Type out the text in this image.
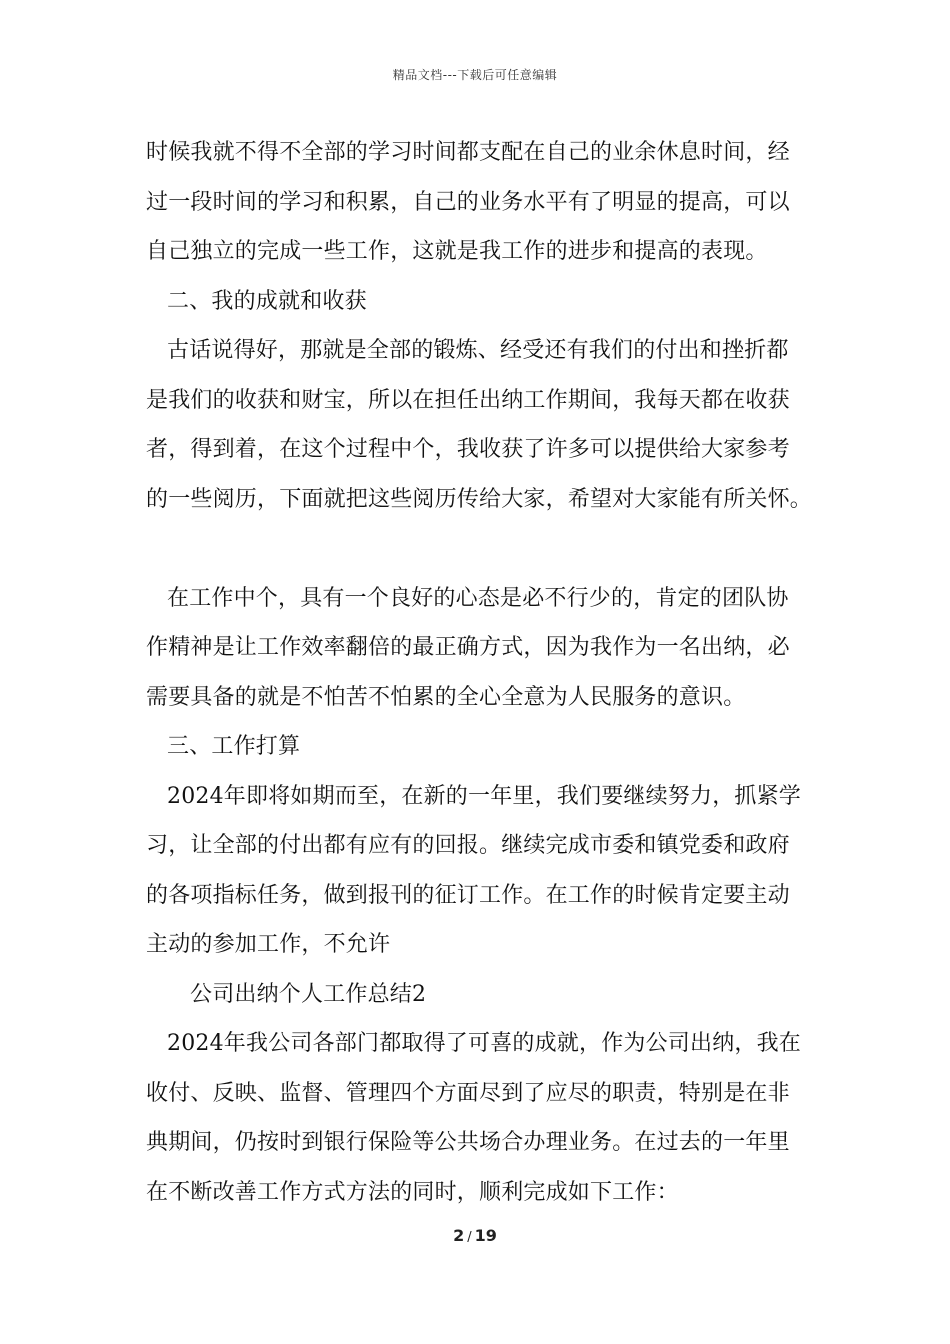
精品文档---下载后可任意编辑
时候我就不得不全部的学习时间都支配在自己的业余休息时间，经
过一段时间的学习和积累，自己的业务水平有了明显的提高，可以
自己独立的完成一些工作，这就是我工作的进步和提高的表现。
二、我的成就和收获
古话说得好，那就是全部的锻炼、经受还有我们的付出和挫折都
是我们的收获和财宝，所以在担任出纳工作期间，我每天都在收获
者，得到着，在这个过程中个，我收获了许多可以提供给大家参考
的一些阅历，下面就把这些阅历传给大家，希望对大家能有所关怀。
在工作中个，具有一个良好的心态是必不行少的，肯定的团队协
作精神是让工作效率翻倍的最正确方式，因为我作为一名出纳，必
需要具备的就是不怕苦不怕累的全心全意为人民服务的意识。
三、工作打算
2024年即将如期而至，在新的一年里，我们要继续努力，抓紧学
习，让全部的付出都有应有的回报。继续完成市委和镇党委和政府
的各项指标任务，做到报刊的征订工作。在工作的时候肯定要主动
主动的参加工作，不允许
公司出纳个人工作总结2
2024年我公司各部门都取得了可喜的成就，作为公司出纳，我在
收付、反映、监督、管理四个方面尽到了应尽的职责，特别是在非
典期间，仍按时到银行保险等公共场合办理业务。在过去的一年里
在不断改善工作方式方法的同时，顺利完成如下工作：
2 / 19
